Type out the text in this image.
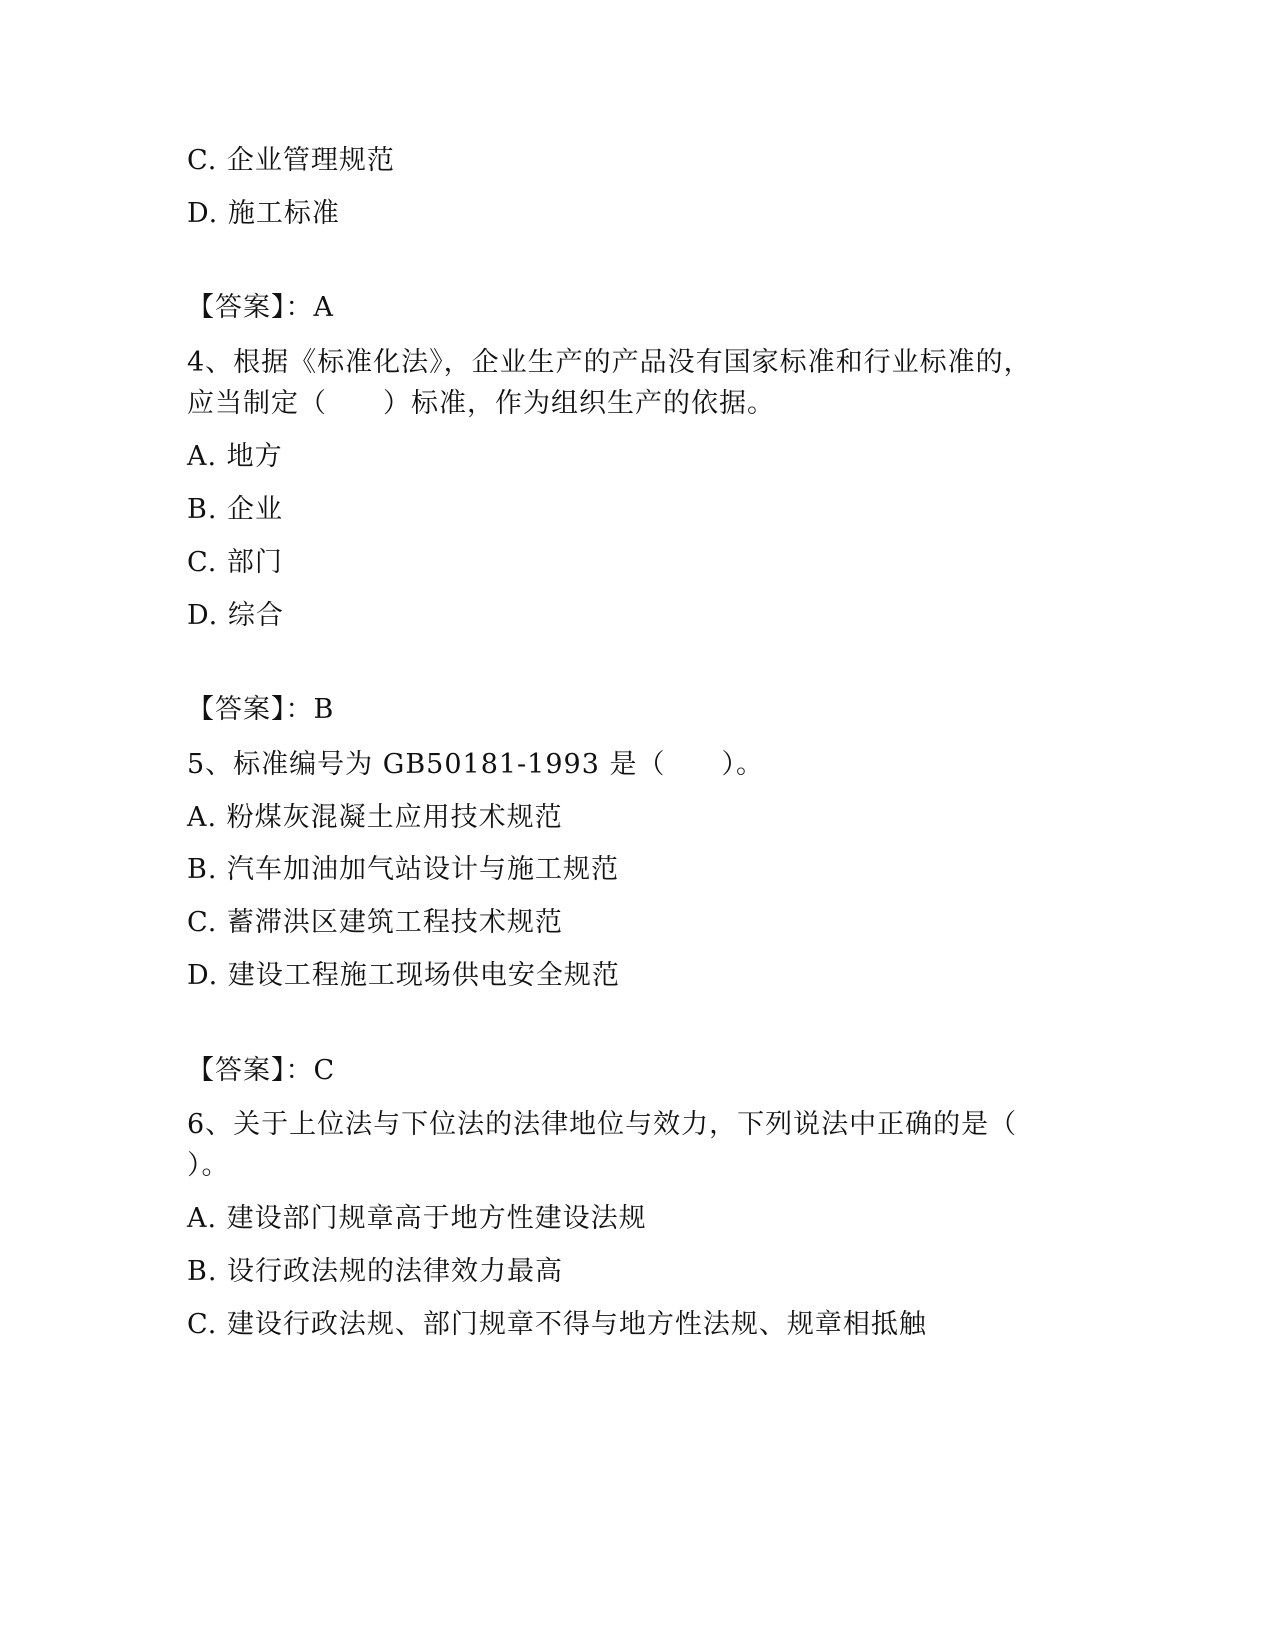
C. 企业管理规范
D. 施工标准
【答案】：A
4、根据《标准化法》，企业生产的产品没有国家标准和行业标准的，
应当制定（　　）标准，作为组织生产的依据。
A. 地方
B. 企业
C. 部门
D. 综合
【答案】：B
5、标准编号为 GB50181-1993 是（　　）。
A. 粉煤灰混凝土应用技术规范
B. 汽车加油加气站设计与施工规范
C. 蓄滞洪区建筑工程技术规范
D. 建设工程施工现场供电安全规范
【答案】：C
6、关于上位法与下位法的法律地位与效力，下列说法中正确的是（
）。
A. 建设部门规章高于地方性建设法规
B. 设行政法规的法律效力最高
C. 建设行政法规、部门规章不得与地方性法规、规章相抵触
